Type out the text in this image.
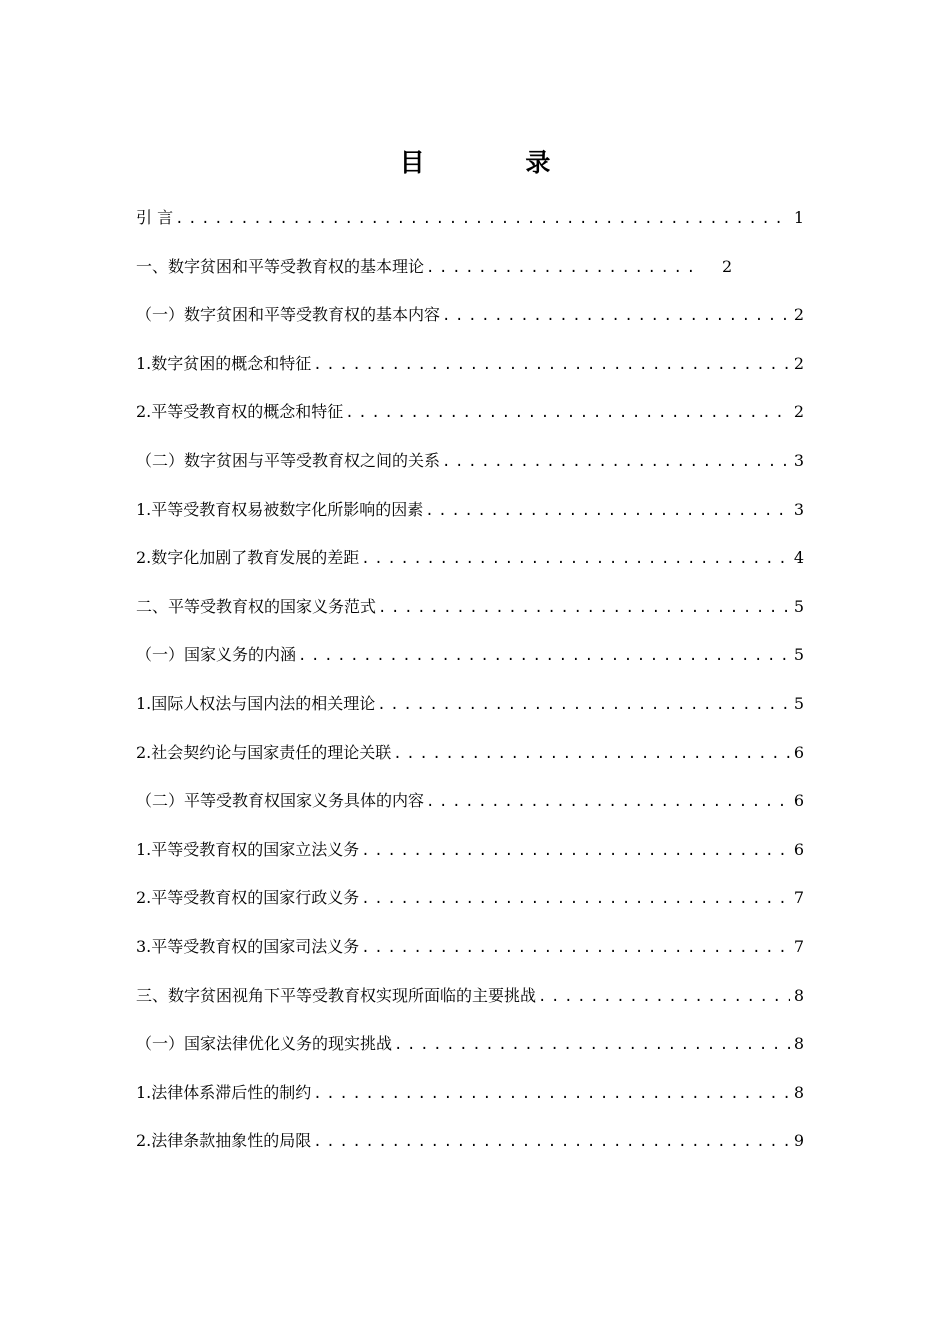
目 录
引 言 .....	1
一、数字贫困和平等受教育权的基本理论 .....	2
（一）数字贫困和平等受教育权的基本内容 .....	2
1.数字贫困的概念和特征 .....	2
2.平等受教育权的概念和特征 .....	2
（二）数字贫困与平等受教育权之间的关系 .....	3
1.平等受教育权易被数字化所影响的因素 .....	3
2.数字化加剧了教育发展的差距 .....	4
二、平等受教育权的国家义务范式 .....	5
（一）国家义务的内涵 .....	5
1.国际人权法与国内法的相关理论 .....	5
2.社会契约论与国家责任的理论关联 .....	6
（二）平等受教育权国家义务具体的内容 .....	6
1.平等受教育权的国家立法义务 .....	6
2.平等受教育权的国家行政义务 .....	7
3.平等受教育权的国家司法义务 .....	7
三、数字贫困视角下平等受教育权实现所面临的主要挑战 .....	8
（一）国家法律优化义务的现实挑战 .....	8
1.法律体系滞后性的制约 .....	8
2.法律条款抽象性的局限 .....	9
